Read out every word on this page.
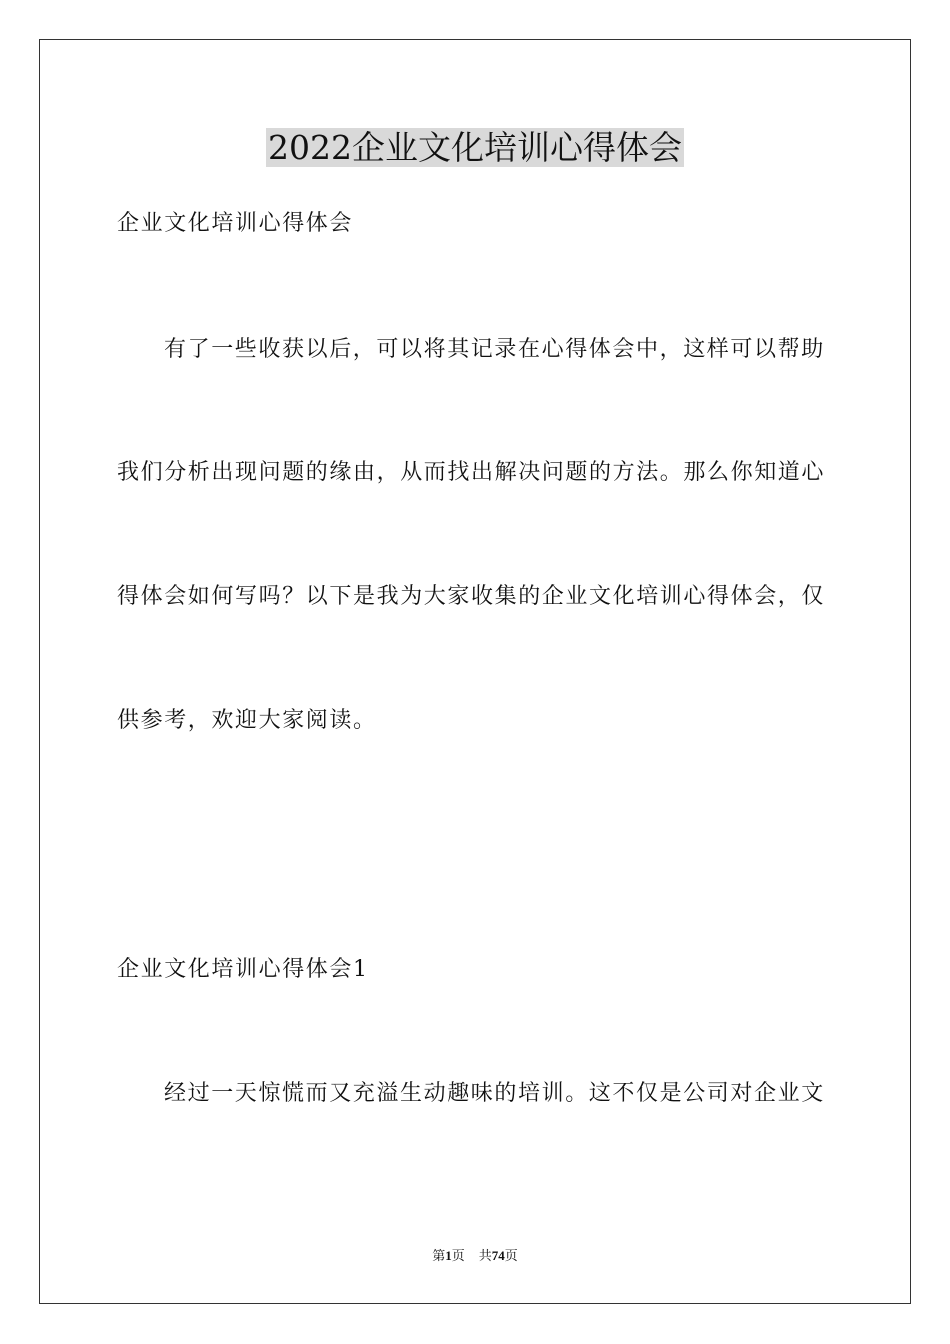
2022企业文化培训心得体会
企业文化培训心得体会
有了一些收获以后，可以将其记录在心得体会中，这样可以帮助
我们分析出现问题的缘由，从而找出解决问题的方法。那么你知道心
得体会如何写吗？以下是我为大家收集的企业文化培训心得体会，仅
供参考，欢迎大家阅读。
企业文化培训心得体会1
经过一天惊慌而又充溢生动趣味的培训。这不仅是公司对企业文
第1页 共74页
